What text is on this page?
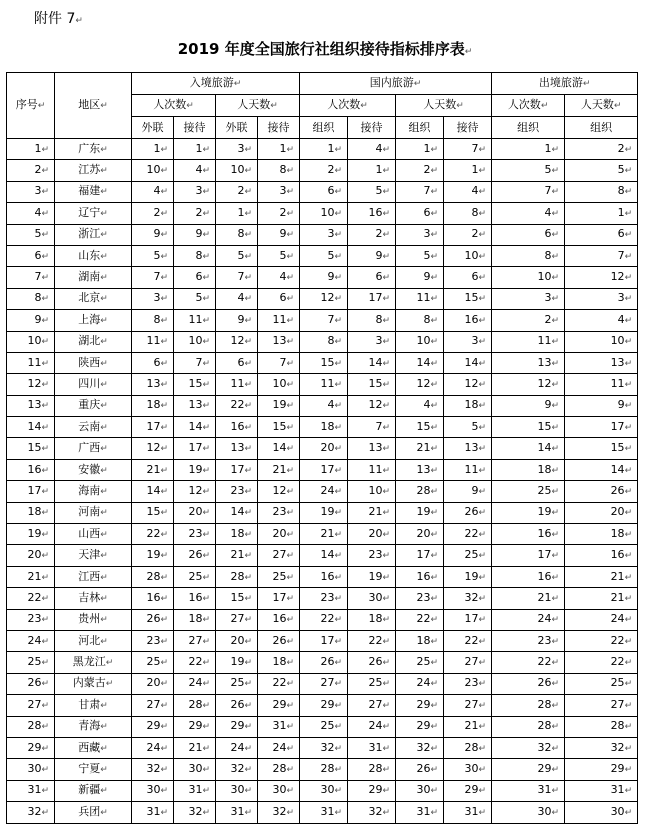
附件 7↵
2019 年度全国旅行社组织接待指标排序表↵
序号↵	地区↵	入境旅游↵				国内旅游↵				出境旅游↵	
		人次数↵		人天数↵		人次数↵		人天数↵		人次数↵	人天数↵
		外联	接待	外联	接待	组织	接待	组织	接待	组织	组织
1↵	广东↵	1↵	1↵	3↵	1↵	1↵	4↵	1↵	7↵	1↵	2↵
2↵	江苏↵	10↵	4↵	10↵	8↵	2↵	1↵	2↵	1↵	5↵	5↵
3↵	福建↵	4↵	3↵	2↵	3↵	6↵	5↵	7↵	4↵	7↵	8↵
4↵	辽宁↵	2↵	2↵	1↵	2↵	10↵	16↵	6↵	8↵	4↵	1↵
5↵	浙江↵	9↵	9↵	8↵	9↵	3↵	2↵	3↵	2↵	6↵	6↵
6↵	山东↵	5↵	8↵	5↵	5↵	5↵	9↵	5↵	10↵	8↵	7↵
7↵	湖南↵	7↵	6↵	7↵	4↵	9↵	6↵	9↵	6↵	10↵	12↵
8↵	北京↵	3↵	5↵	4↵	6↵	12↵	17↵	11↵	15↵	3↵	3↵
9↵	上海↵	8↵	11↵	9↵	11↵	7↵	8↵	8↵	16↵	2↵	4↵
10↵	湖北↵	11↵	10↵	12↵	13↵	8↵	3↵	10↵	3↵	11↵	10↵
11↵	陕西↵	6↵	7↵	6↵	7↵	15↵	14↵	14↵	14↵	13↵	13↵
12↵	四川↵	13↵	15↵	11↵	10↵	11↵	15↵	12↵	12↵	12↵	11↵
13↵	重庆↵	18↵	13↵	22↵	19↵	4↵	12↵	4↵	18↵	9↵	9↵
14↵	云南↵	17↵	14↵	16↵	15↵	18↵	7↵	15↵	5↵	15↵	17↵
15↵	广西↵	12↵	17↵	13↵	14↵	20↵	13↵	21↵	13↵	14↵	15↵
16↵	安徽↵	21↵	19↵	17↵	21↵	17↵	11↵	13↵	11↵	18↵	14↵
17↵	海南↵	14↵	12↵	23↵	12↵	24↵	10↵	28↵	9↵	25↵	26↵
18↵	河南↵	15↵	20↵	14↵	23↵	19↵	21↵	19↵	26↵	19↵	20↵
19↵	山西↵	22↵	23↵	18↵	20↵	21↵	20↵	20↵	22↵	16↵	18↵
20↵	天津↵	19↵	26↵	21↵	27↵	14↵	23↵	17↵	25↵	17↵	16↵
21↵	江西↵	28↵	25↵	28↵	25↵	16↵	19↵	16↵	19↵	16↵	21↵
22↵	吉林↵	16↵	16↵	15↵	17↵	23↵	30↵	23↵	32↵	21↵	21↵
23↵	贵州↵	26↵	18↵	27↵	16↵	22↵	18↵	22↵	17↵	24↵	24↵
24↵	河北↵	23↵	27↵	20↵	26↵	17↵	22↵	18↵	22↵	23↵	22↵
25↵	黑龙江↵	25↵	22↵	19↵	18↵	26↵	26↵	25↵	27↵	22↵	22↵
26↵	内蒙古↵	20↵	24↵	25↵	22↵	27↵	25↵	24↵	23↵	26↵	25↵
27↵	甘肃↵	27↵	28↵	26↵	29↵	29↵	27↵	29↵	27↵	28↵	27↵
28↵	青海↵	29↵	29↵	29↵	31↵	25↵	24↵	29↵	21↵	28↵	28↵
29↵	西藏↵	24↵	21↵	24↵	24↵	32↵	31↵	32↵	28↵	32↵	32↵
30↵	宁夏↵	32↵	30↵	32↵	28↵	28↵	28↵	26↵	30↵	29↵	29↵
31↵	新疆↵	30↵	31↵	30↵	30↵	30↵	29↵	30↵	29↵	31↵	31↵
32↵	兵团↵	31↵	32↵	31↵	32↵	31↵	32↵	31↵	31↵	30↵	30↵
